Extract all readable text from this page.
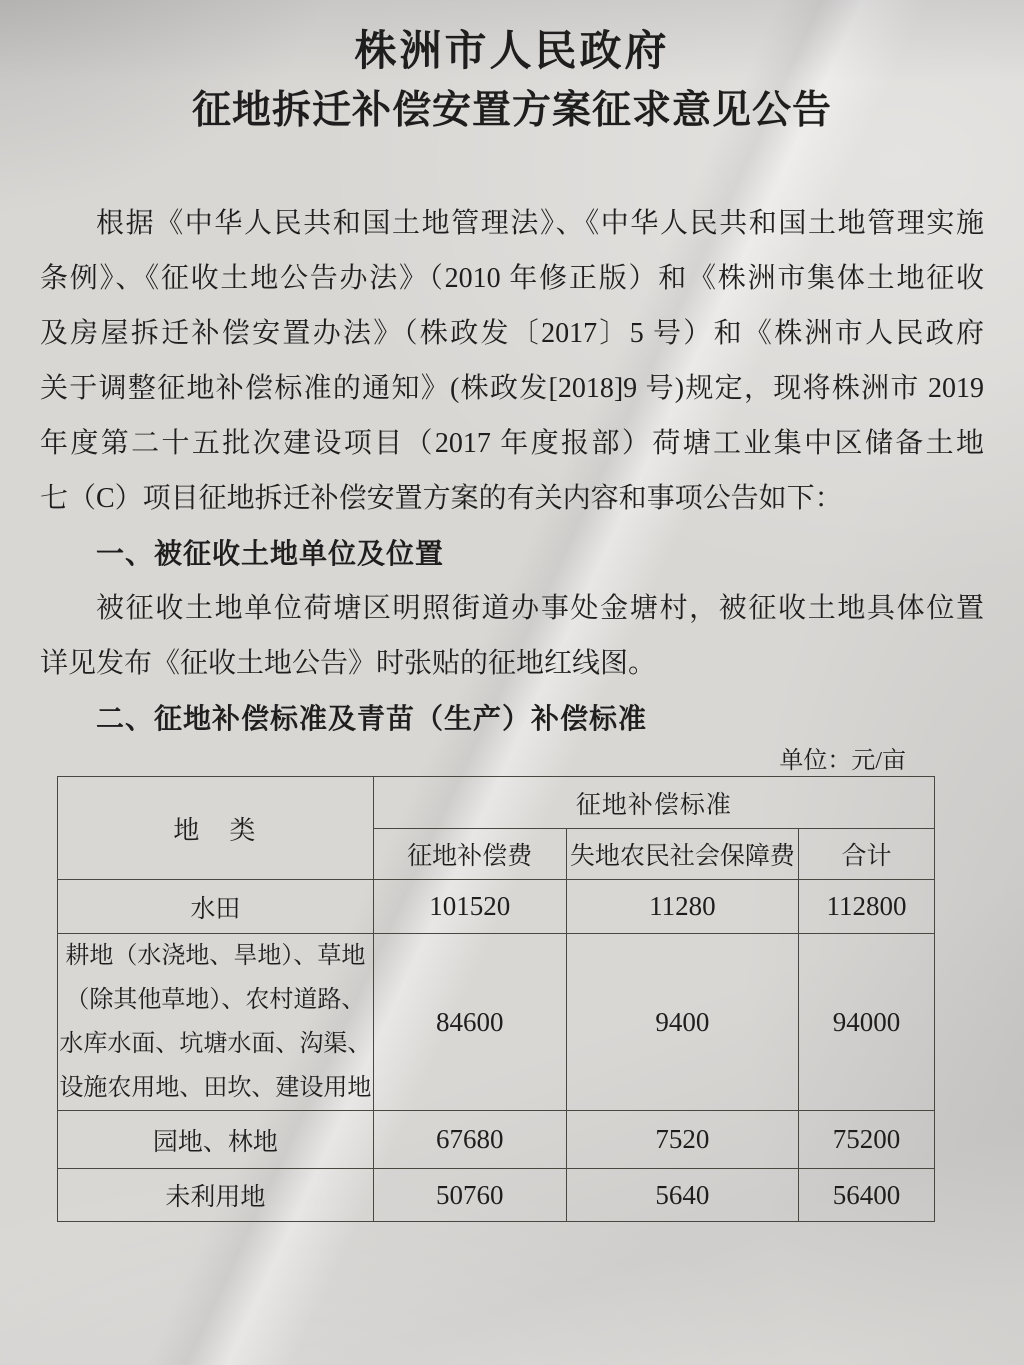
株洲市人民政府
征地拆迁补偿安置方案征求意见公告
根据《中华人民共和国土地管理法》、《中华人民共和国土地管理实施
条例》、《征收土地公告办法》（2010 年修正版）和《株洲市集体土地征收
及房屋拆迁补偿安置办法》（株政发〔2017〕5 号）和《株洲市人民政府
关于调整征地补偿标准的通知》(株政发[2018]9 号)规定，现将株洲市 2019
年度第二十五批次建设项目（2017 年度报部）荷塘工业集中区储备土地
七（C）项目征地拆迁补偿安置方案的有关内容和事项公告如下：
一、被征收土地单位及位置
被征收土地单位荷塘区明照街道办事处金塘村，被征收土地具体位置
详见发布《征收土地公告》时张贴的征地红线图。
二、征地补偿标准及青苗（生产）补偿标准
单位：元/亩
地　类	征地补偿标准		
	征地补偿费	失地农民社会保障费	合计
水田	101520	11280	112800
耕地（水浇地、旱地）、草地（除其他草地）、农村道路、水库水面、坑塘水面、沟渠、设施农用地、田坎、建设用地	84600	9400	94000
园地、林地	67680	7520	75200
未利用地	50760	5640	56400
